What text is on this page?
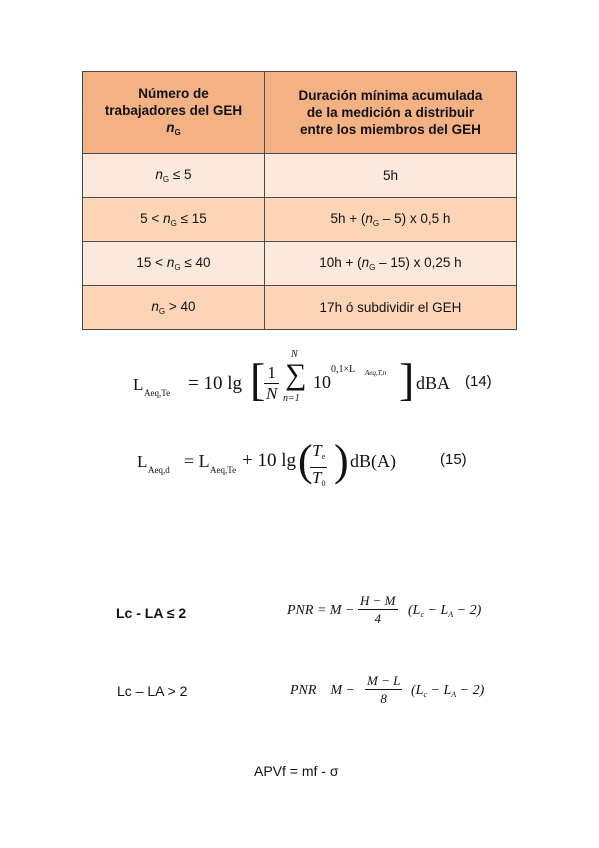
Número de
trabajadores del GEH
$n_G$	Duración mínima acumulada
de la medición a distribuir
entre los miembros del GEH
$n_G \le 5$	5h
$5 < n_G \le 15$	$5h + (n_G - 5)$ x 0,5 h
$15 < n_G \le 40$	$10h + (n_G - 15)$ x 0,25 h
$n_G > 40$	17h ó subdividir el GEH
L Aeq,Te = 10 lg [
$\frac{1}{N}$
N
∑
n=1
10
0,1×L Aeq,T,n ] dBA (14)
L Aeq,d = L Aeq,Te + 10 lg (
$\frac{T_e}{T_0}$ ) dB(A)	(15)
Lc - LA ≤ 2	PNR = $M - \frac{H - M}{4} (L_c - L_A - 2)$
Lc – LA > 2	PNR    $M - \frac{M - L}{8} (L_c - L_A - 2)$
APVf = mf - σ
